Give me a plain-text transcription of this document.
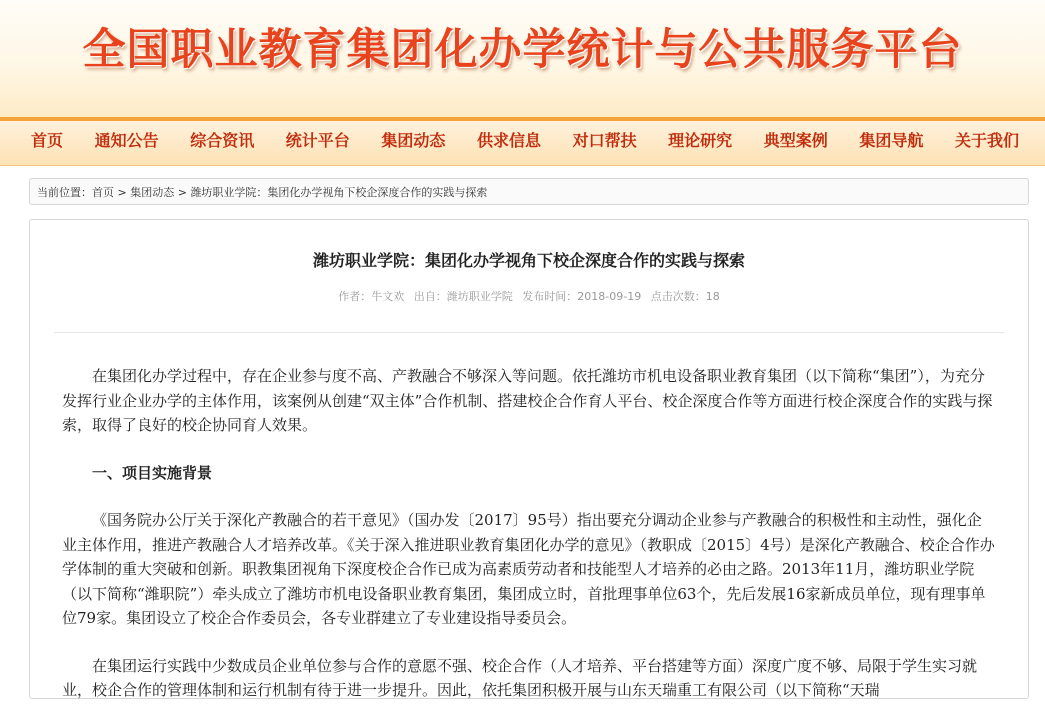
全国职业教育集团化办学统计与公共服务平台
首页	通知公告	综合资讯	统计平台	集团动态	供求信息	对口帮扶	理论研究	典型案例	集团导航	关于我们
当前位置：首页 > 集团动态 > 潍坊职业学院：集团化办学视角下校企深度合作的实践与探索
潍坊职业学院：集团化办学视角下校企深度合作的实践与探索
作者：牛文欢 出自：潍坊职业学院 发布时间：2018-09-19 点击次数：18

在集团化办学过程中，存在企业参与度不高、产教融合不够深入等问题。依托潍坊市机电设备职业教育集团（以下简称“集团”），为充分发挥行业企业办学的主体作用，该案例从创建“双主体”合作机制、搭建校企合作育人平台、校企深度合作等方面进行校企深度合作的实践与探索，取得了良好的校企协同育人效果。

一、项目实施背景

《国务院办公厅关于深化产教融合的若干意见》（国办发〔2017〕95号）指出要充分调动企业参与产教融合的积极性和主动性，强化企业主体作用，推进产教融合人才培养改革。《关于深入推进职业教育集团化办学的意见》（教职成〔2015〕4号）是深化产教融合、校企合作办学体制的重大突破和创新。职教集团视角下深度校企合作已成为高素质劳动者和技能型人才培养的必由之路。2013年11月，潍坊职业学院（以下简称“潍职院”）牵头成立了潍坊市机电设备职业教育集团，集团成立时，首批理事单位63个，先后发展16家新成员单位，现有理事单位79家。集团设立了校企合作委员会，各专业群建立了专业建设指导委员会。

在集团运行实践中少数成员企业单位参与合作的意愿不强、校企合作（人才培养、平台搭建等方面）深度广度不够、局限于学生实习就业，校企合作的管理体制和运行机制有待于进一步提升。因此，依托集团积极开展与山东天瑞重工有限公司（以下简称“天瑞
